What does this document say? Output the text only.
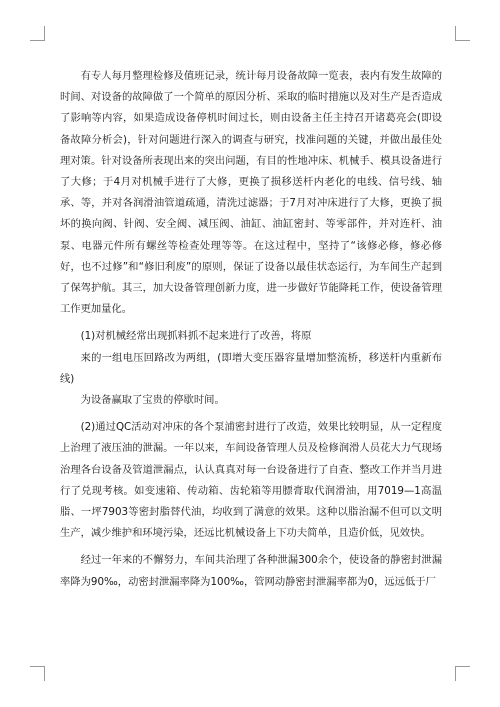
有专人每月整理检修及值班记录，统计每月设备故障一览表，表内有发生故障的时间、对设备的故障做了一个简单的原因分析、采取的临时措施以及对生产是否造成了影响等内容，如果造成设备停机时间过长，则由设备主任主持召开诸葛亮会(即设备故障分析会)，针对问题进行深入的调查与研究，找准问题的关键，并做出最佳处理对策。针对设备所表现出来的突出问题，有目的性地冲床、机械手、模具设备进行了大修；于4月对机械手进行了大修，更换了损移送杆内老化的电线、信号线、轴承、等，并对各润滑油管道疏通，清洗过滤器；于7月对冲床进行了大修，更换了损坏的换向阀、针阀、安全阀、减压阀、油缸、油缸密封、等零部件，并对连杆、油泵、电器元件所有螺丝等检查处理等等。在这过程中，坚持了“该修必修，修必修好，也不过修”和“修旧利废”的原则，保证了设备以最佳状态运行，为车间生产起到了保驾护航。其三，加大设备管理创新力度，进一步做好节能降耗工作，使设备管理工作更加量化。

(1)对机械经常出现抓料抓不起来进行了改善，将原

来的一组电压回路改为两组，(即增大变压器容量增加整流桥，移送杆内重新布线)

为设备赢取了宝贵的停歇时间。

(2)通过QC活动对冲床的各个泵浦密封进行了改造，效果比较明显，从一定程度上治理了液压油的泄漏。一年以来，车间设备管理人员及检修润滑人员花大力气现场治理各台设备及管道泄漏点，认认真真对每一台设备进行了自查、整改工作并当月进行了兑现考核。如变速箱、传动箱、齿轮箱等用膘膏取代润滑油，用7019—1高温脂、一坪7903等密封脂替代油，均收到了满意的效果。这种以脂治漏不但可以文明生产，减少维护和环境污染，还远比机械设备上下功夫简单，且造价低，见效快。

经过一年来的不懈努力，车间共治理了各种泄漏300余个，使设备的静密封泄漏率降为90‰，动密封泄漏率降为100‰，管网动静密封泄漏率都为0，远远低于厂
